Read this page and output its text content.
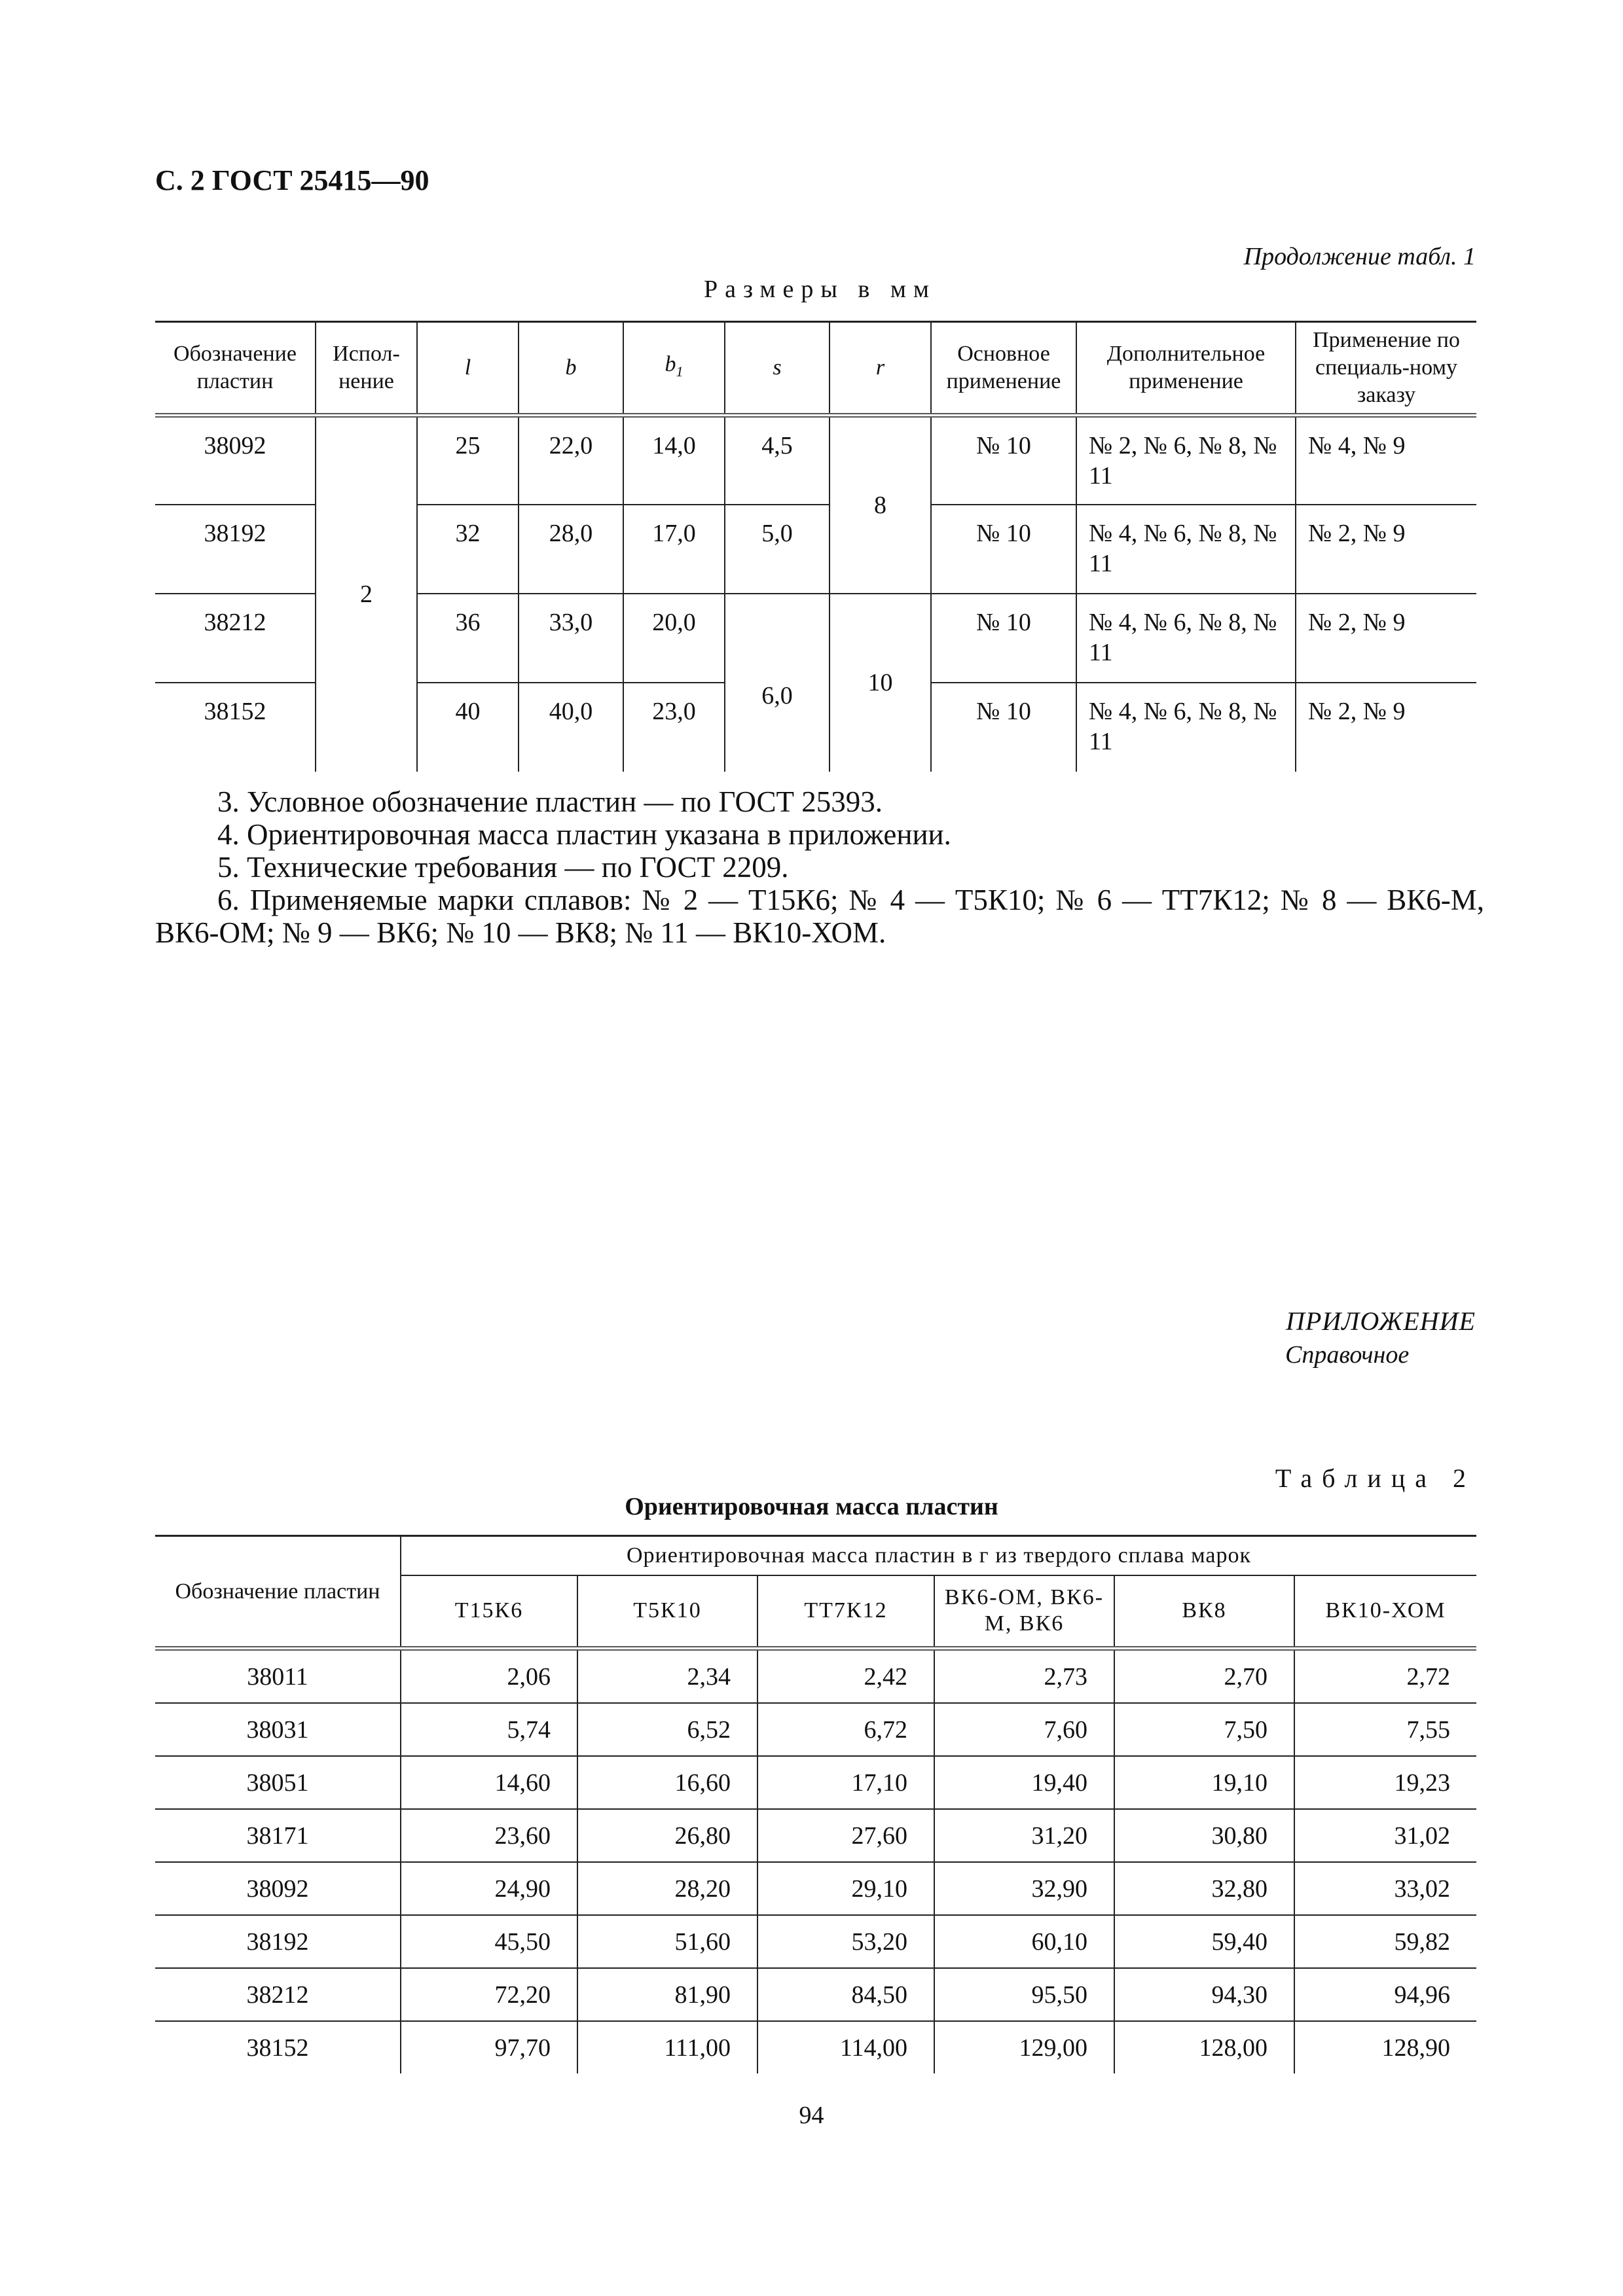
С. 2 ГОСТ 25415—90
Продолжение табл. 1
Размеры в мм
Обозначение пластин	Испол-нение	l	b	$b_1$	s	r	Основное применение	Дополнительное применение	Применение по специаль-ному заказу
38092	2	25	22,0	14,0	4,5	8	№ 10	№ 2, № 6, № 8, № 11	№ 4, № 9
38192		32	28,0	17,0	5,0		№ 10	№ 4, № 6, № 8, № 11	№ 2, № 9
38212		36	33,0	20,0	6,0	10	№ 10	№ 4, № 6, № 8, № 11	№ 2, № 9
38152		40	40,0	23,0			№ 10	№ 4, № 6, № 8, № 11	№ 2, № 9

3. Условное обозначение пластин — по ГОСТ 25393.

4. Ориентировочная масса пластин указана в приложении.

5. Технические требования — по ГОСТ 2209.

6. Применяемые марки сплавов: № 2 — Т15К6; № 4 — Т5К10; № 6 — ТТ7К12; № 8 — ВК6-М, ВК6-ОМ; № 9 — ВК6; № 10 — ВК8; № 11 — ВК10-ХОМ.

ПРИЛОЖЕНИЕ
Справочное
Таблица 2
Ориентировочная масса пластин
Обозначение пластин	Ориентировочная масса пластин в г из твердого сплава марок					
	Т15К6	Т5К10	ТТ7К12	ВК6-ОМ, ВК6-М, ВК6	ВК8	ВК10-ХОМ
38011	2,06	2,34	2,42	2,73	2,70	2,72
38031	5,74	6,52	6,72	7,60	7,50	7,55
38051	14,60	16,60	17,10	19,40	19,10	19,23
38171	23,60	26,80	27,60	31,20	30,80	31,02
38092	24,90	28,20	29,10	32,90	32,80	33,02
38192	45,50	51,60	53,20	60,10	59,40	59,82
38212	72,20	81,90	84,50	95,50	94,30	94,96
38152	97,70	111,00	114,00	129,00	128,00	128,90
94
